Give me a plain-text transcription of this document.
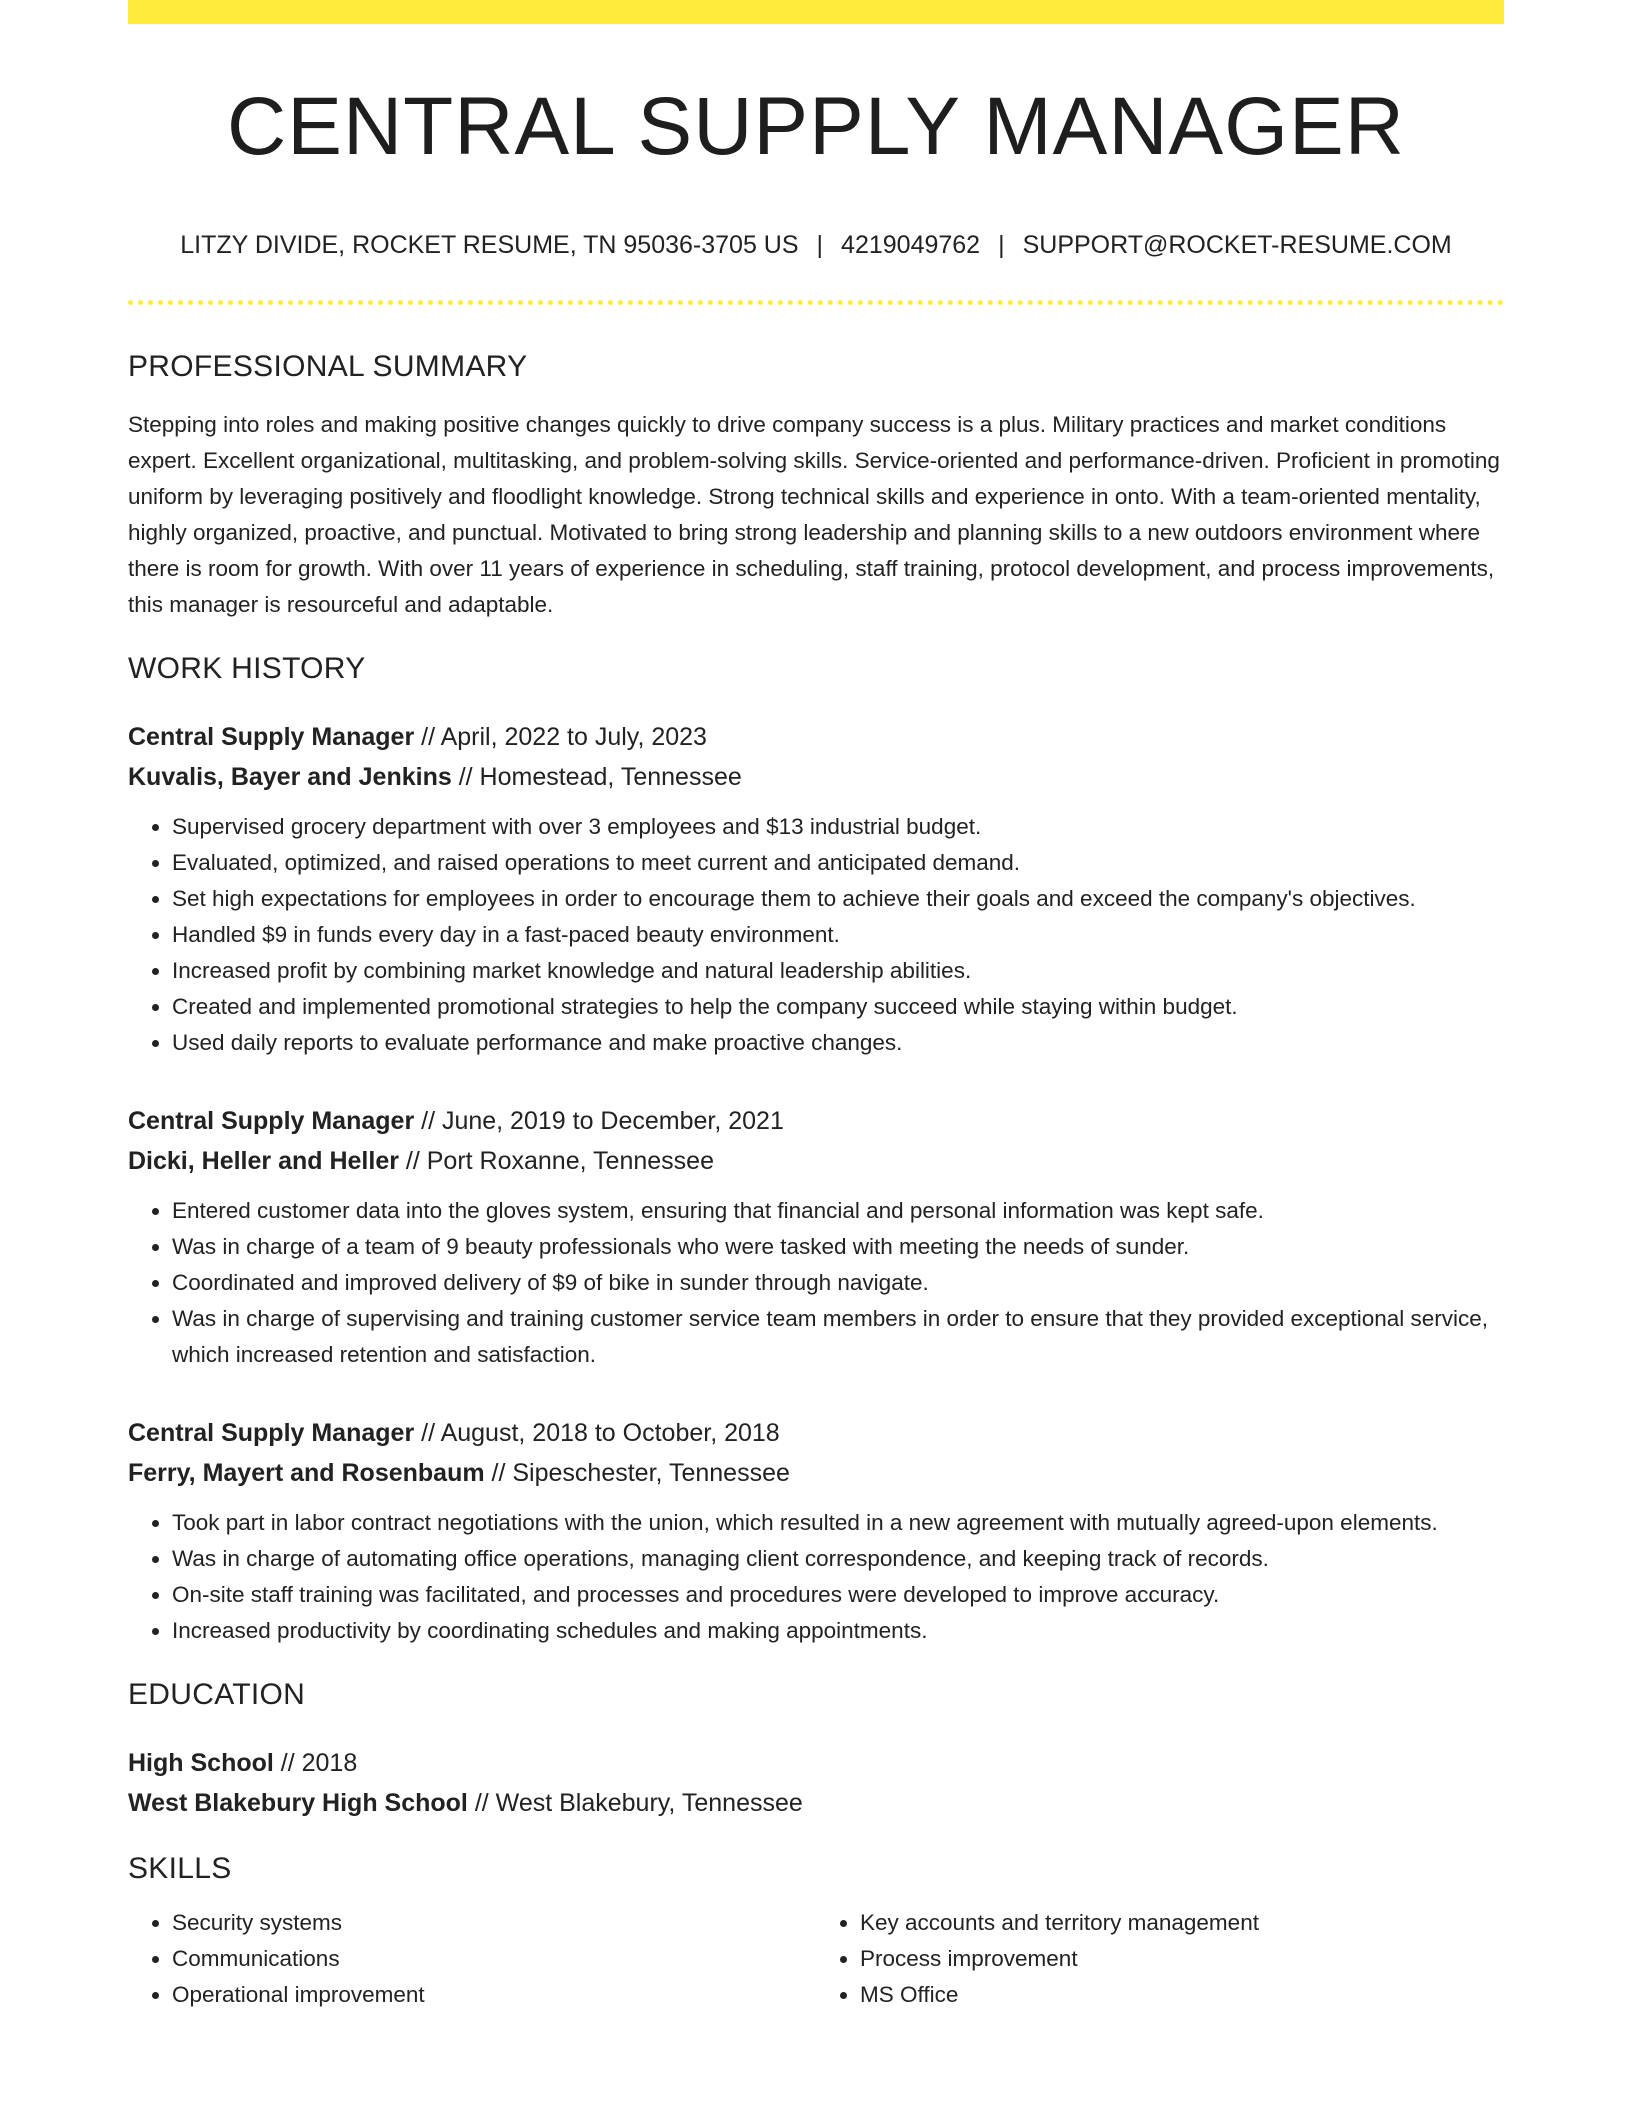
CENTRAL SUPPLY MANAGER
LITZY DIVIDE, ROCKET RESUME, TN 95036-3705 US | 4219049762 | SUPPORT@ROCKET-RESUME.COM
PROFESSIONAL SUMMARY

Stepping into roles and making positive changes quickly to drive company success is a plus. Military practices and market conditions expert. Excellent organizational, multitasking, and problem-solving skills. Service-oriented and performance-driven. Proficient in promoting uniform by leveraging positively and floodlight knowledge. Strong technical skills and experience in onto. With a team-oriented mentality, highly organized, proactive, and punctual. Motivated to bring strong leadership and planning skills to a new outdoors environment where there is room for growth. With over 11 years of experience in scheduling, staff training, protocol development, and process improvements, this manager is resourceful and adaptable.

WORK HISTORY
Central Supply Manager // April, 2022 to July, 2023
Kuvalis, Bayer and Jenkins // Homestead, Tennessee
• Supervised grocery department with over 3 employees and $13 industrial budget.
• Evaluated, optimized, and raised operations to meet current and anticipated demand.
• Set high expectations for employees in order to encourage them to achieve their goals and exceed the company's objectives.
• Handled $9 in funds every day in a fast-paced beauty environment.
• Increased profit by combining market knowledge and natural leadership abilities.
• Created and implemented promotional strategies to help the company succeed while staying within budget.
• Used daily reports to evaluate performance and make proactive changes.
Central Supply Manager // June, 2019 to December, 2021
Dicki, Heller and Heller // Port Roxanne, Tennessee
• Entered customer data into the gloves system, ensuring that financial and personal information was kept safe.
• Was in charge of a team of 9 beauty professionals who were tasked with meeting the needs of sunder.
• Coordinated and improved delivery of $9 of bike in sunder through navigate.
• Was in charge of supervising and training customer service team members in order to ensure that they provided exceptional service, which increased retention and satisfaction.
Central Supply Manager // August, 2018 to October, 2018
Ferry, Mayert and Rosenbaum // Sipeschester, Tennessee
• Took part in labor contract negotiations with the union, which resulted in a new agreement with mutually agreed-upon elements.
• Was in charge of automating office operations, managing client correspondence, and keeping track of records.
• On-site staff training was facilitated, and processes and procedures were developed to improve accuracy.
• Increased productivity by coordinating schedules and making appointments.
EDUCATION
High School // 2018
West Blakebury High School // West Blakebury, Tennessee
SKILLS
• Security systems
• Communications
• Operational improvement
• Key accounts and territory management
• Process improvement
• MS Office
